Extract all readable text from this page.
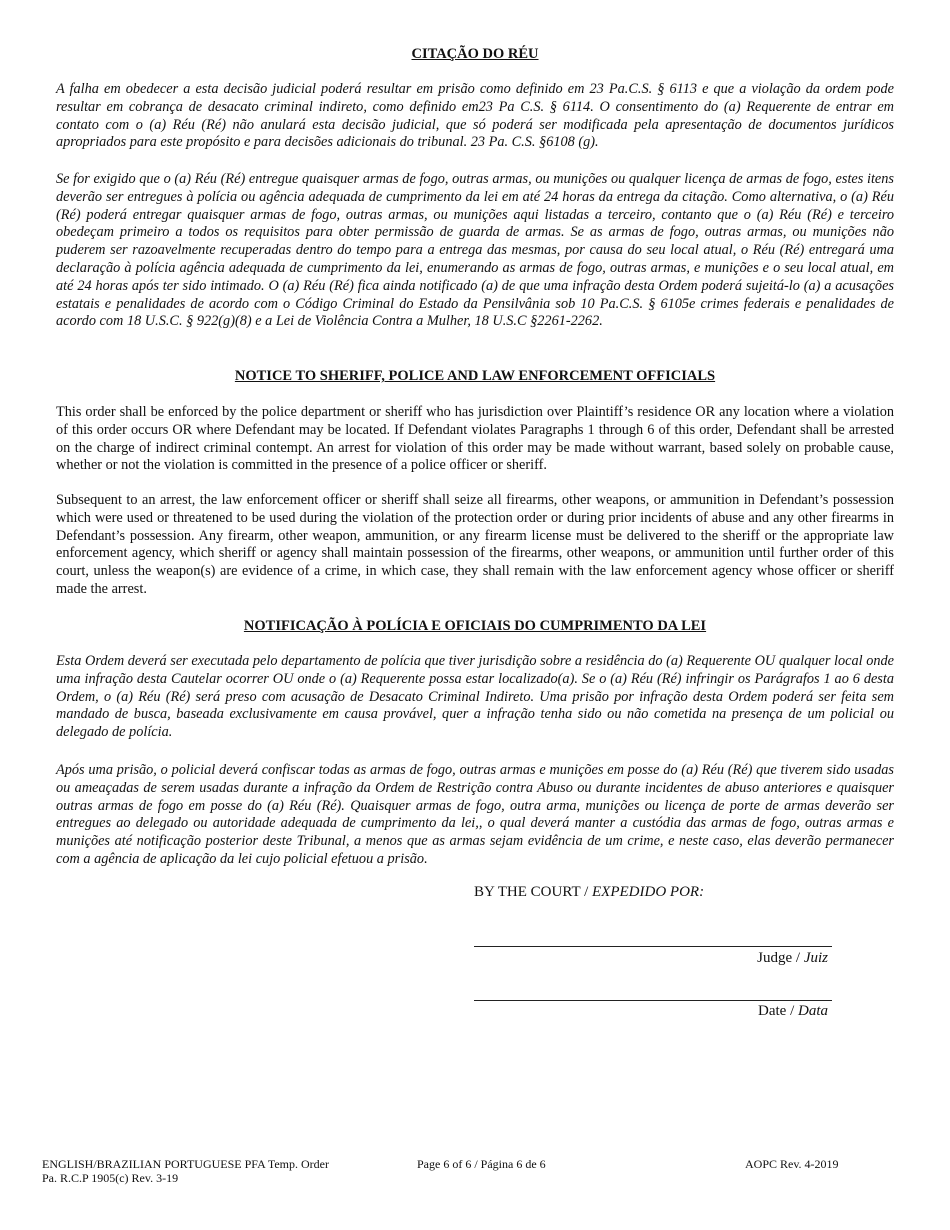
CITAÇÃO DO RÉU
A falha em obedecer a esta decisão judicial poderá resultar em prisão como definido em 23 Pa.C.S. § 6113 e que a violação da ordem pode resultar em cobrança de desacato criminal indireto, como definido em23 Pa C.S. § 6114. O consentimento do (a) Requerente de entrar em contato com o (a) Réu (Ré) não anulará esta decisão judicial, que só poderá ser modificada pela apresentação de documentos jurídicos apropriados para este propósito e para decisões adicionais do tribunal. 23 Pa. C.S. §6108 (g).
Se for exigido que o (a) Réu (Ré) entregue quaisquer armas de fogo, outras armas, ou munições ou qualquer licença de armas de fogo, estes itens deverão ser entregues à polícia ou agência adequada de cumprimento da lei em até 24 horas da entrega da citação. Como alternativa, o (a) Réu (Ré) poderá entregar quaisquer armas de fogo, outras armas, ou munições aqui listadas a terceiro, contanto que o (a) Réu (Ré) e terceiro obedeçam primeiro a todos os requisitos para obter permissão de guarda de armas. Se as armas de fogo, outras armas, ou munições não puderem ser razoavelmente recuperadas dentro do tempo para a entrega das mesmas, por causa do seu local atual, o Réu (Ré) entregará uma declaração à polícia agência adequada de cumprimento da lei, enumerando as armas de fogo, outras armas, e munições e o seu local atual, em até 24 horas após ter sido intimado. O (a) Réu (Ré) fica ainda notificado (a) de que uma infração desta Ordem poderá sujeitá-lo (a) a acusações estatais e penalidades de acordo com o Código Criminal do Estado da Pensilvânia sob 10 Pa.C.S. § 6105e crimes federais e penalidades de acordo com 18 U.S.C. § 922(g)(8) e a Lei de Violência Contra a Mulher, 18 U.S.C §2261-2262.
NOTICE TO SHERIFF, POLICE AND LAW ENFORCEMENT OFFICIALS
This order shall be enforced by the police department or sheriff who has jurisdiction over Plaintiff’s residence OR any location where a violation of this order occurs OR where Defendant may be located. If Defendant violates Paragraphs 1 through 6 of this order, Defendant shall be arrested on the charge of indirect criminal contempt. An arrest for violation of this order may be made without warrant, based solely on probable cause, whether or not the violation is committed in the presence of a police officer or sheriff.
Subsequent to an arrest, the law enforcement officer or sheriff shall seize all firearms, other weapons, or ammunition in Defendant’s possession which were used or threatened to be used during the violation of the protection order or during prior incidents of abuse and any other firearms in Defendant’s possession. Any firearm, other weapon, ammunition, or any firearm license must be delivered to the sheriff or the appropriate law enforcement agency, which sheriff or agency shall maintain possession of the firearms, other weapons, or ammunition until further order of this court, unless the weapon(s) are evidence of a crime, in which case, they shall remain with the law enforcement agency whose officer or sheriff made the arrest.
NOTIFICAÇÃO À POLÍCIA E OFICIAIS DO CUMPRIMENTO DA LEI
Esta Ordem deverá ser executada pelo departamento de polícia que tiver jurisdição sobre a residência do (a) Requerente OU qualquer local onde uma infração desta Cautelar ocorrer OU onde o (a) Requerente possa estar localizado(a). Se o (a) Réu (Ré) infringir os Parágrafos 1 ao 6 desta Ordem, o (a) Réu (Ré) será preso com acusação de Desacato Criminal Indireto. Uma prisão por infração desta Ordem poderá ser feita sem mandado de busca, baseada exclusivamente em causa provável, quer a infração tenha sido ou não cometida na presença de um policial ou delegado de polícia.
Após uma prisão, o policial deverá confiscar todas as armas de fogo, outras armas e munições em posse do (a) Réu (Ré) que tiverem sido usadas ou ameaçadas de serem usadas durante a infração da Ordem de Restrição contra Abuso ou durante incidentes de abuso anteriores e quaisquer outras armas de fogo em posse do (a) Réu (Ré). Quaisquer armas de fogo, outra arma, munições ou licença de porte de armas deverão ser entregues ao delegado ou autoridade adequada de cumprimento da lei,, o qual deverá manter a custódia das armas de fogo, outras armas e munições até notificação posterior deste Tribunal, a menos que as armas sejam evidência de um crime, e neste caso, elas deverão permanecer com a agência de aplicação da lei cujo policial efetuou a prisão.
BY THE COURT / EXPEDIDO POR:
Judge / Juiz
Date / Data
ENGLISH/BRAZILIAN PORTUGUESE PFA Temp. Order
Pa. R.C.P 1905(c) Rev. 3-19
Page 6 of 6 / Página 6 de 6	AOPC Rev. 4-2019
